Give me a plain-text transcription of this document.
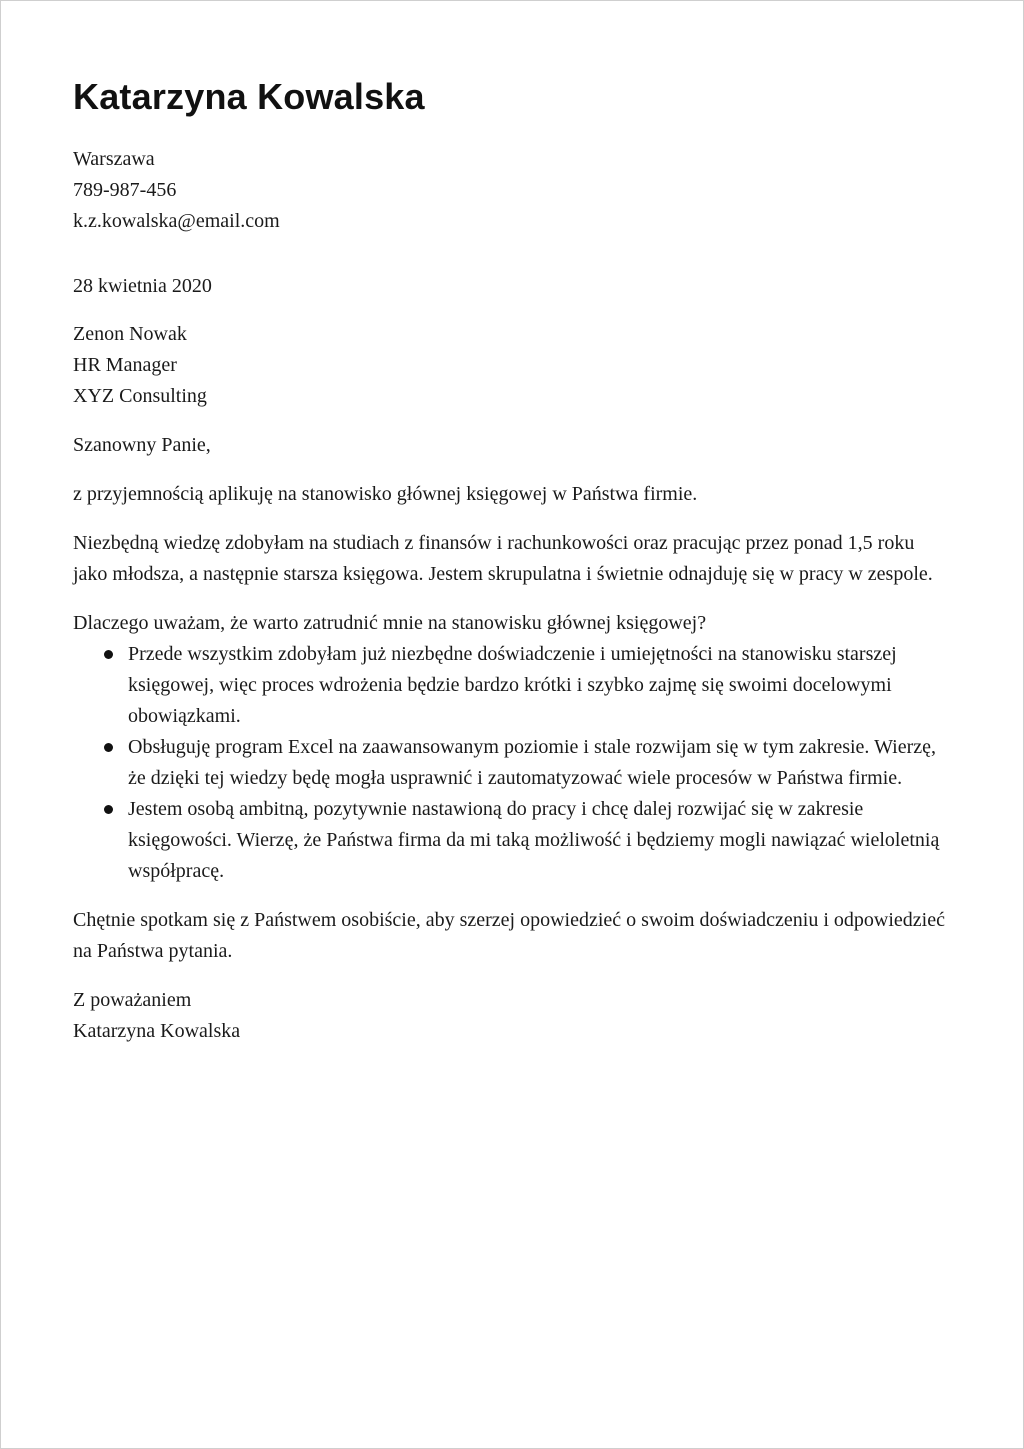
Katarzyna Kowalska
Warszawa
789-987-456
k.z.kowalska@email.com
28 kwietnia 2020
Zenon Nowak
HR Manager
XYZ Consulting

Szanowny Panie,

z przyjemnością aplikuję na stanowisko głównej księgowej w Państwa firmie.

Niezbędną wiedzę zdobyłam na studiach z finansów i rachunkowości oraz pracując przez ponad 1,5 roku jako młodsza, a następnie starsza księgowa. Jestem skrupulatna i świetnie odnajduję się w pracy w zespole.

Dlaczego uważam, że warto zatrudnić mnie na stanowisku głównej księgowej?

Przede wszystkim zdobyłam już niezbędne doświadczenie i umiejętności na stanowisku starszej księgowej, więc proces wdrożenia będzie bardzo krótki i szybko zajmę się swoimi docelowymi obowiązkami.
Obsługuję program Excel na zaawansowanym poziomie i stale rozwijam się w tym zakresie. Wierzę, że dzięki tej wiedzy będę mogła usprawnić i zautomatyzować wiele procesów w Państwa firmie.
Jestem osobą ambitną, pozytywnie nastawioną do pracy i chcę dalej rozwijać się w zakresie księgowości. Wierzę, że Państwa firma da mi taką możliwość i będziemy mogli nawiązać wieloletnią współpracę.

Chętnie spotkam się z Państwem osobiście, aby szerzej opowiedzieć o swoim doświadczeniu i odpowiedzieć na Państwa pytania.

Z poważaniem
Katarzyna Kowalska
